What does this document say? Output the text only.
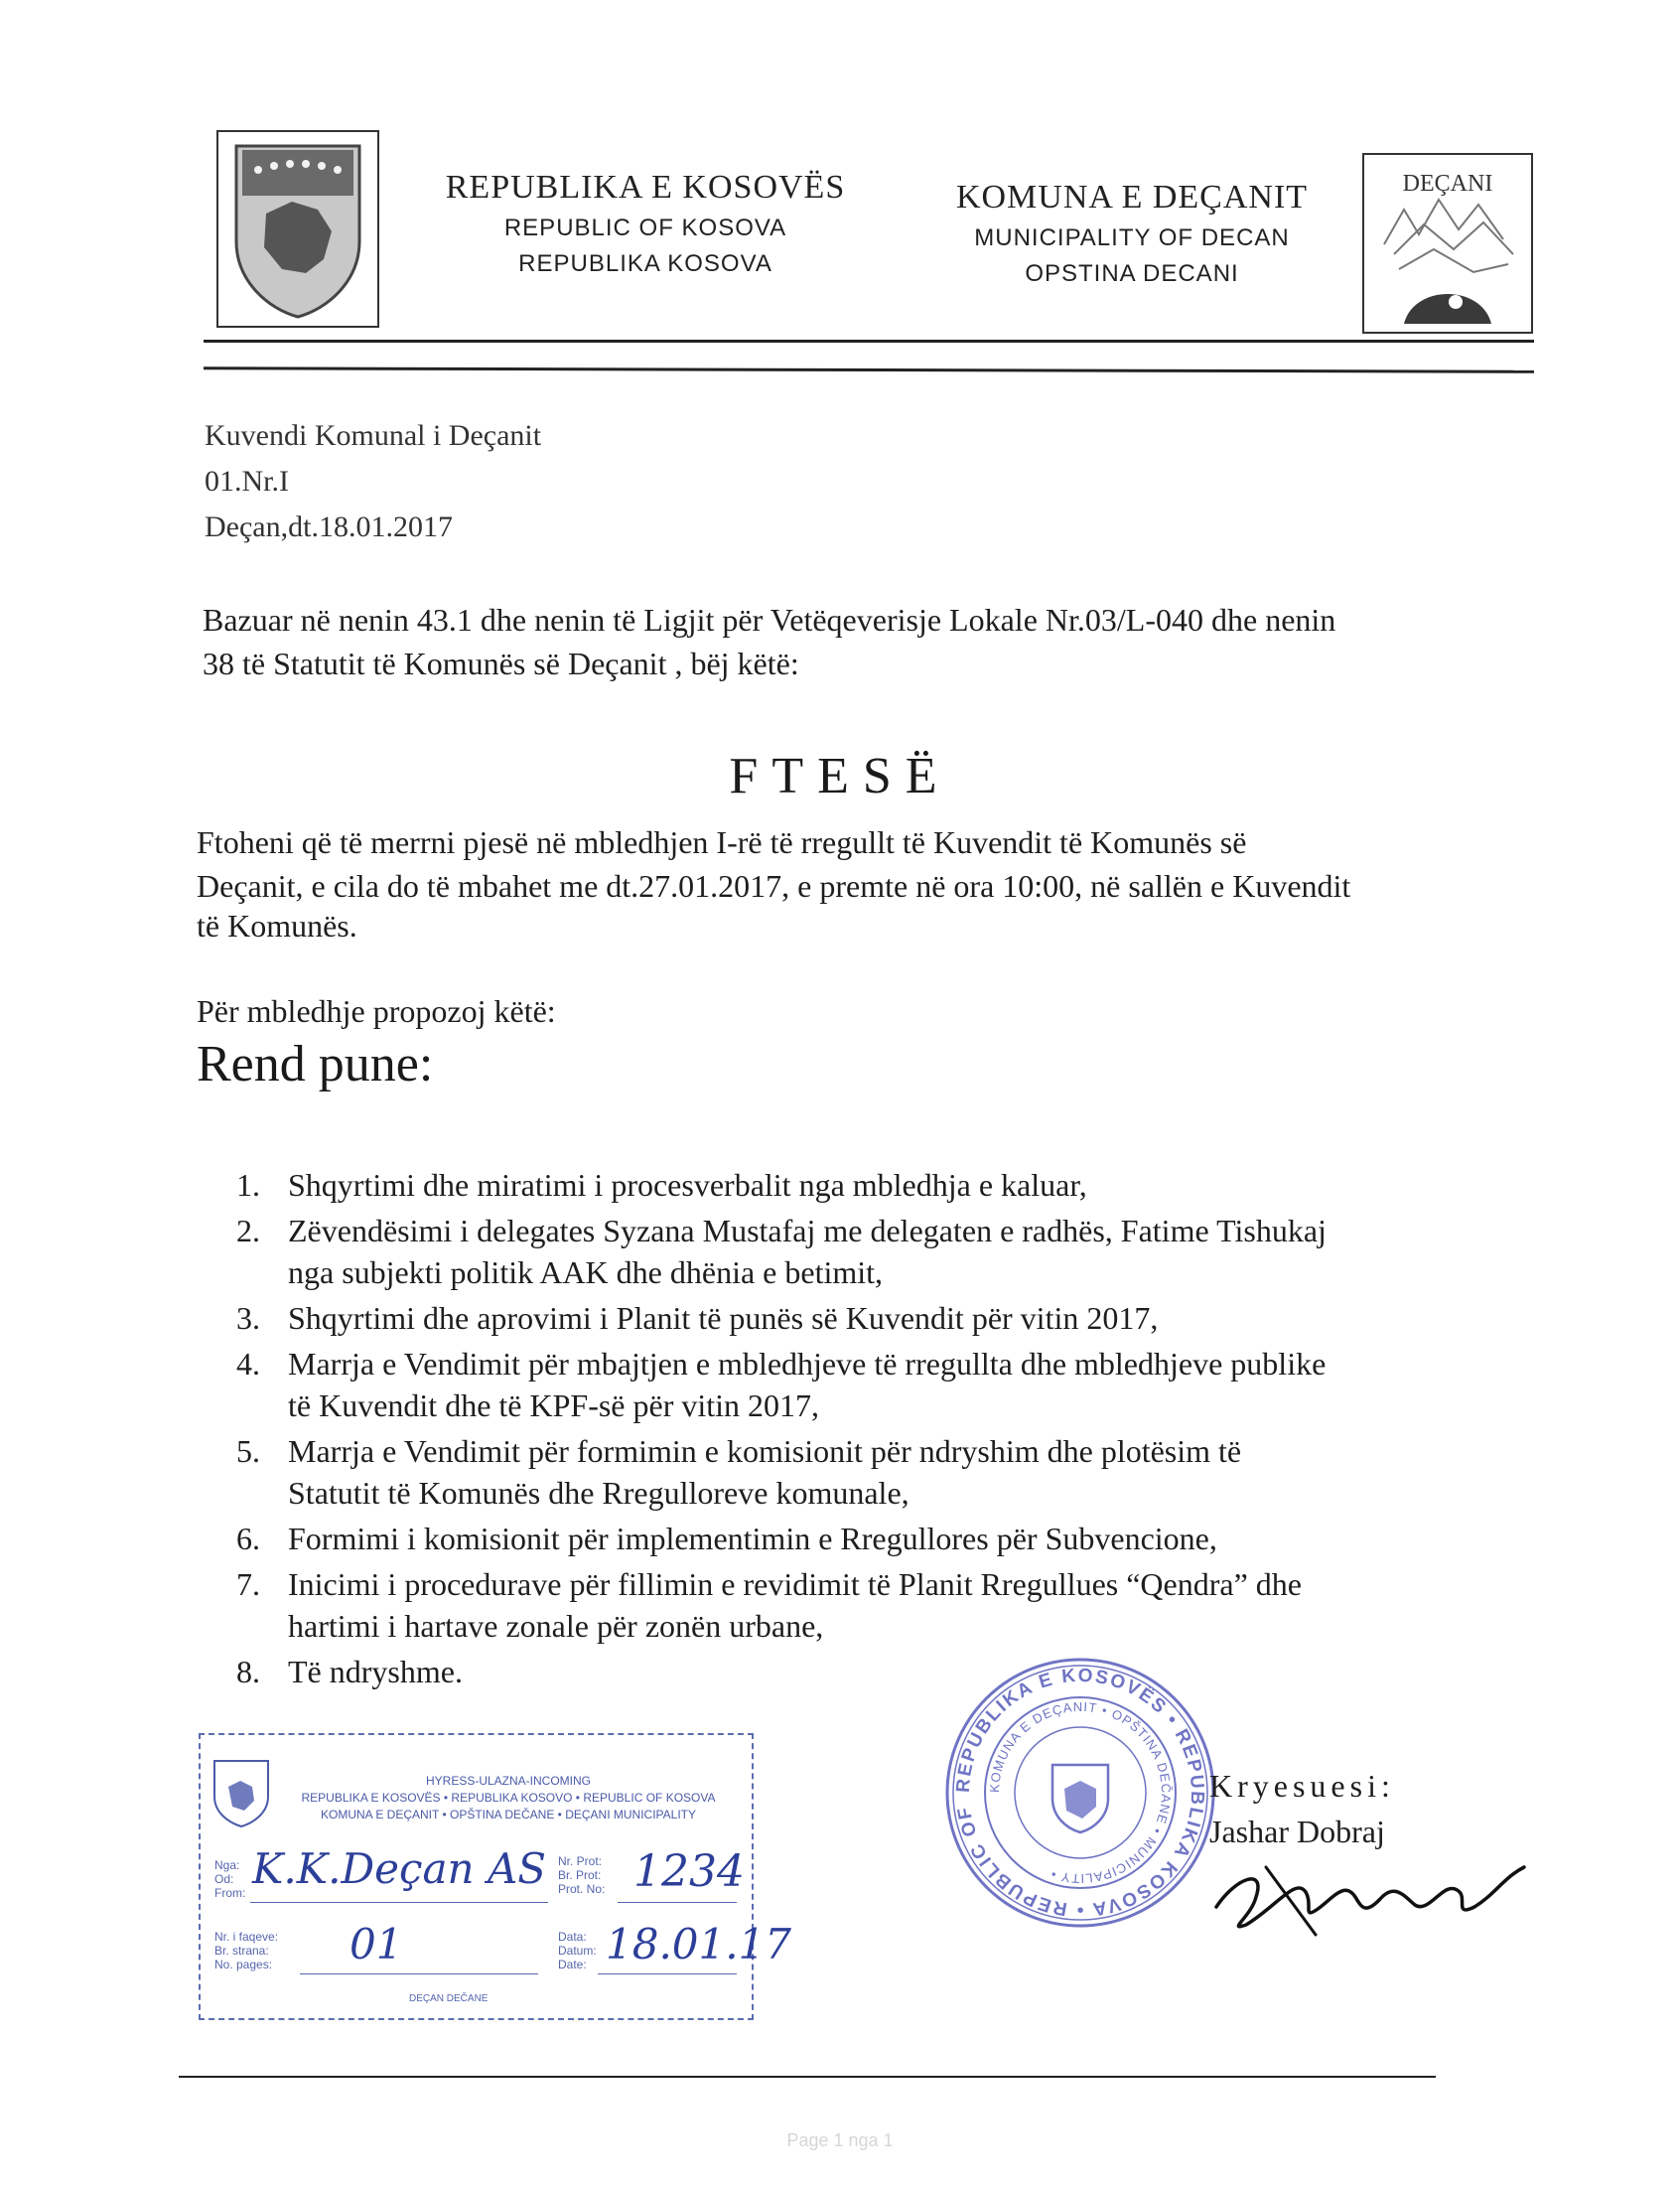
REPUBLIKA E KOSOVËS
REPUBLIC OF KOSOVA
REPUBLIKA KOSOVA
KOMUNA E DEÇANIT
MUNICIPALITY OF DECAN
OPSTINA DECANI
DEÇANI
Kuvendi Komunal i Deçanit
01.Nr.I
Deçan,dt.18.01.2017
Bazuar në nenin 43.1 dhe nenin të Ligjit për Vetëqeverisje Lokale Nr.03/L-040 dhe nenin
38 të Statutit të Komunës së Deçanit , bëj këtë:
FTESË
Ftoheni që të merrni pjesë në mbledhjen I-rë të rregullt të Kuvendit të Komunës së
Deçanit, e cila do të mbahet me dt.27.01.2017, e premte në ora 10:00, në sallën e Kuvendit
të Komunës.
Për mbledhje propozoj këtë:
Rend pune:
1. Shqyrtimi dhe miratimi i procesverbalit nga mbledhja e kaluar,
2. Zëvendësimi i delegates Syzana Mustafaj me delegaten e radhës, Fatime Tishukaj
nga subjekti politik AAK dhe dhënia e betimit,
3. Shqyrtimi dhe aprovimi i Planit të punës së Kuvendit për vitin 2017,
4. Marrja e Vendimit për mbajtjen e mbledhjeve të rregullta dhe mbledhjeve publike
të Kuvendit dhe të KPF-së për vitin 2017,
5. Marrja e Vendimit për formimin e komisionit për ndryshim dhe plotësim të
Statutit të Komunës dhe Rregulloreve komunale,
6. Formimi i komisionit për implementimin e Rregullores për Subvencione,
7. Inicimi i procedurave për fillimin e revidimit të Planit Rregullues “Qendra” dhe
hartimi i hartave zonale për zonën urbane,
8. Të ndryshme.
HYRESS-ULAZNA-INCOMING
REPUBLIKA E KOSOVËS • REPUBLIKA KOSOVO • REPUBLIC OF KOSOVA
KOMUNA E DEÇANIT • OPŠTINA DEČANE • DEÇANI MUNICIPALITY
Nga:
Od:
From: K.K.Deçan AS Nr. Prot:
Br. Prot:
Prot. No: 1234
Nr. i faqeve:
Br. strana:
No. pages: 01	Data:
Datum:
Date: 18.01.17
DEÇAN DEČANE
REPUBLIKA E KOSOVËS • REPUBLIKA KOSOVA • REPUBLIC OF
KOMUNA E DEÇANIT • OPŠTINA DEČANE • MUNICIPALITY •
Kryesuesi:
Jashar Dobraj
Page 1 nga 1
